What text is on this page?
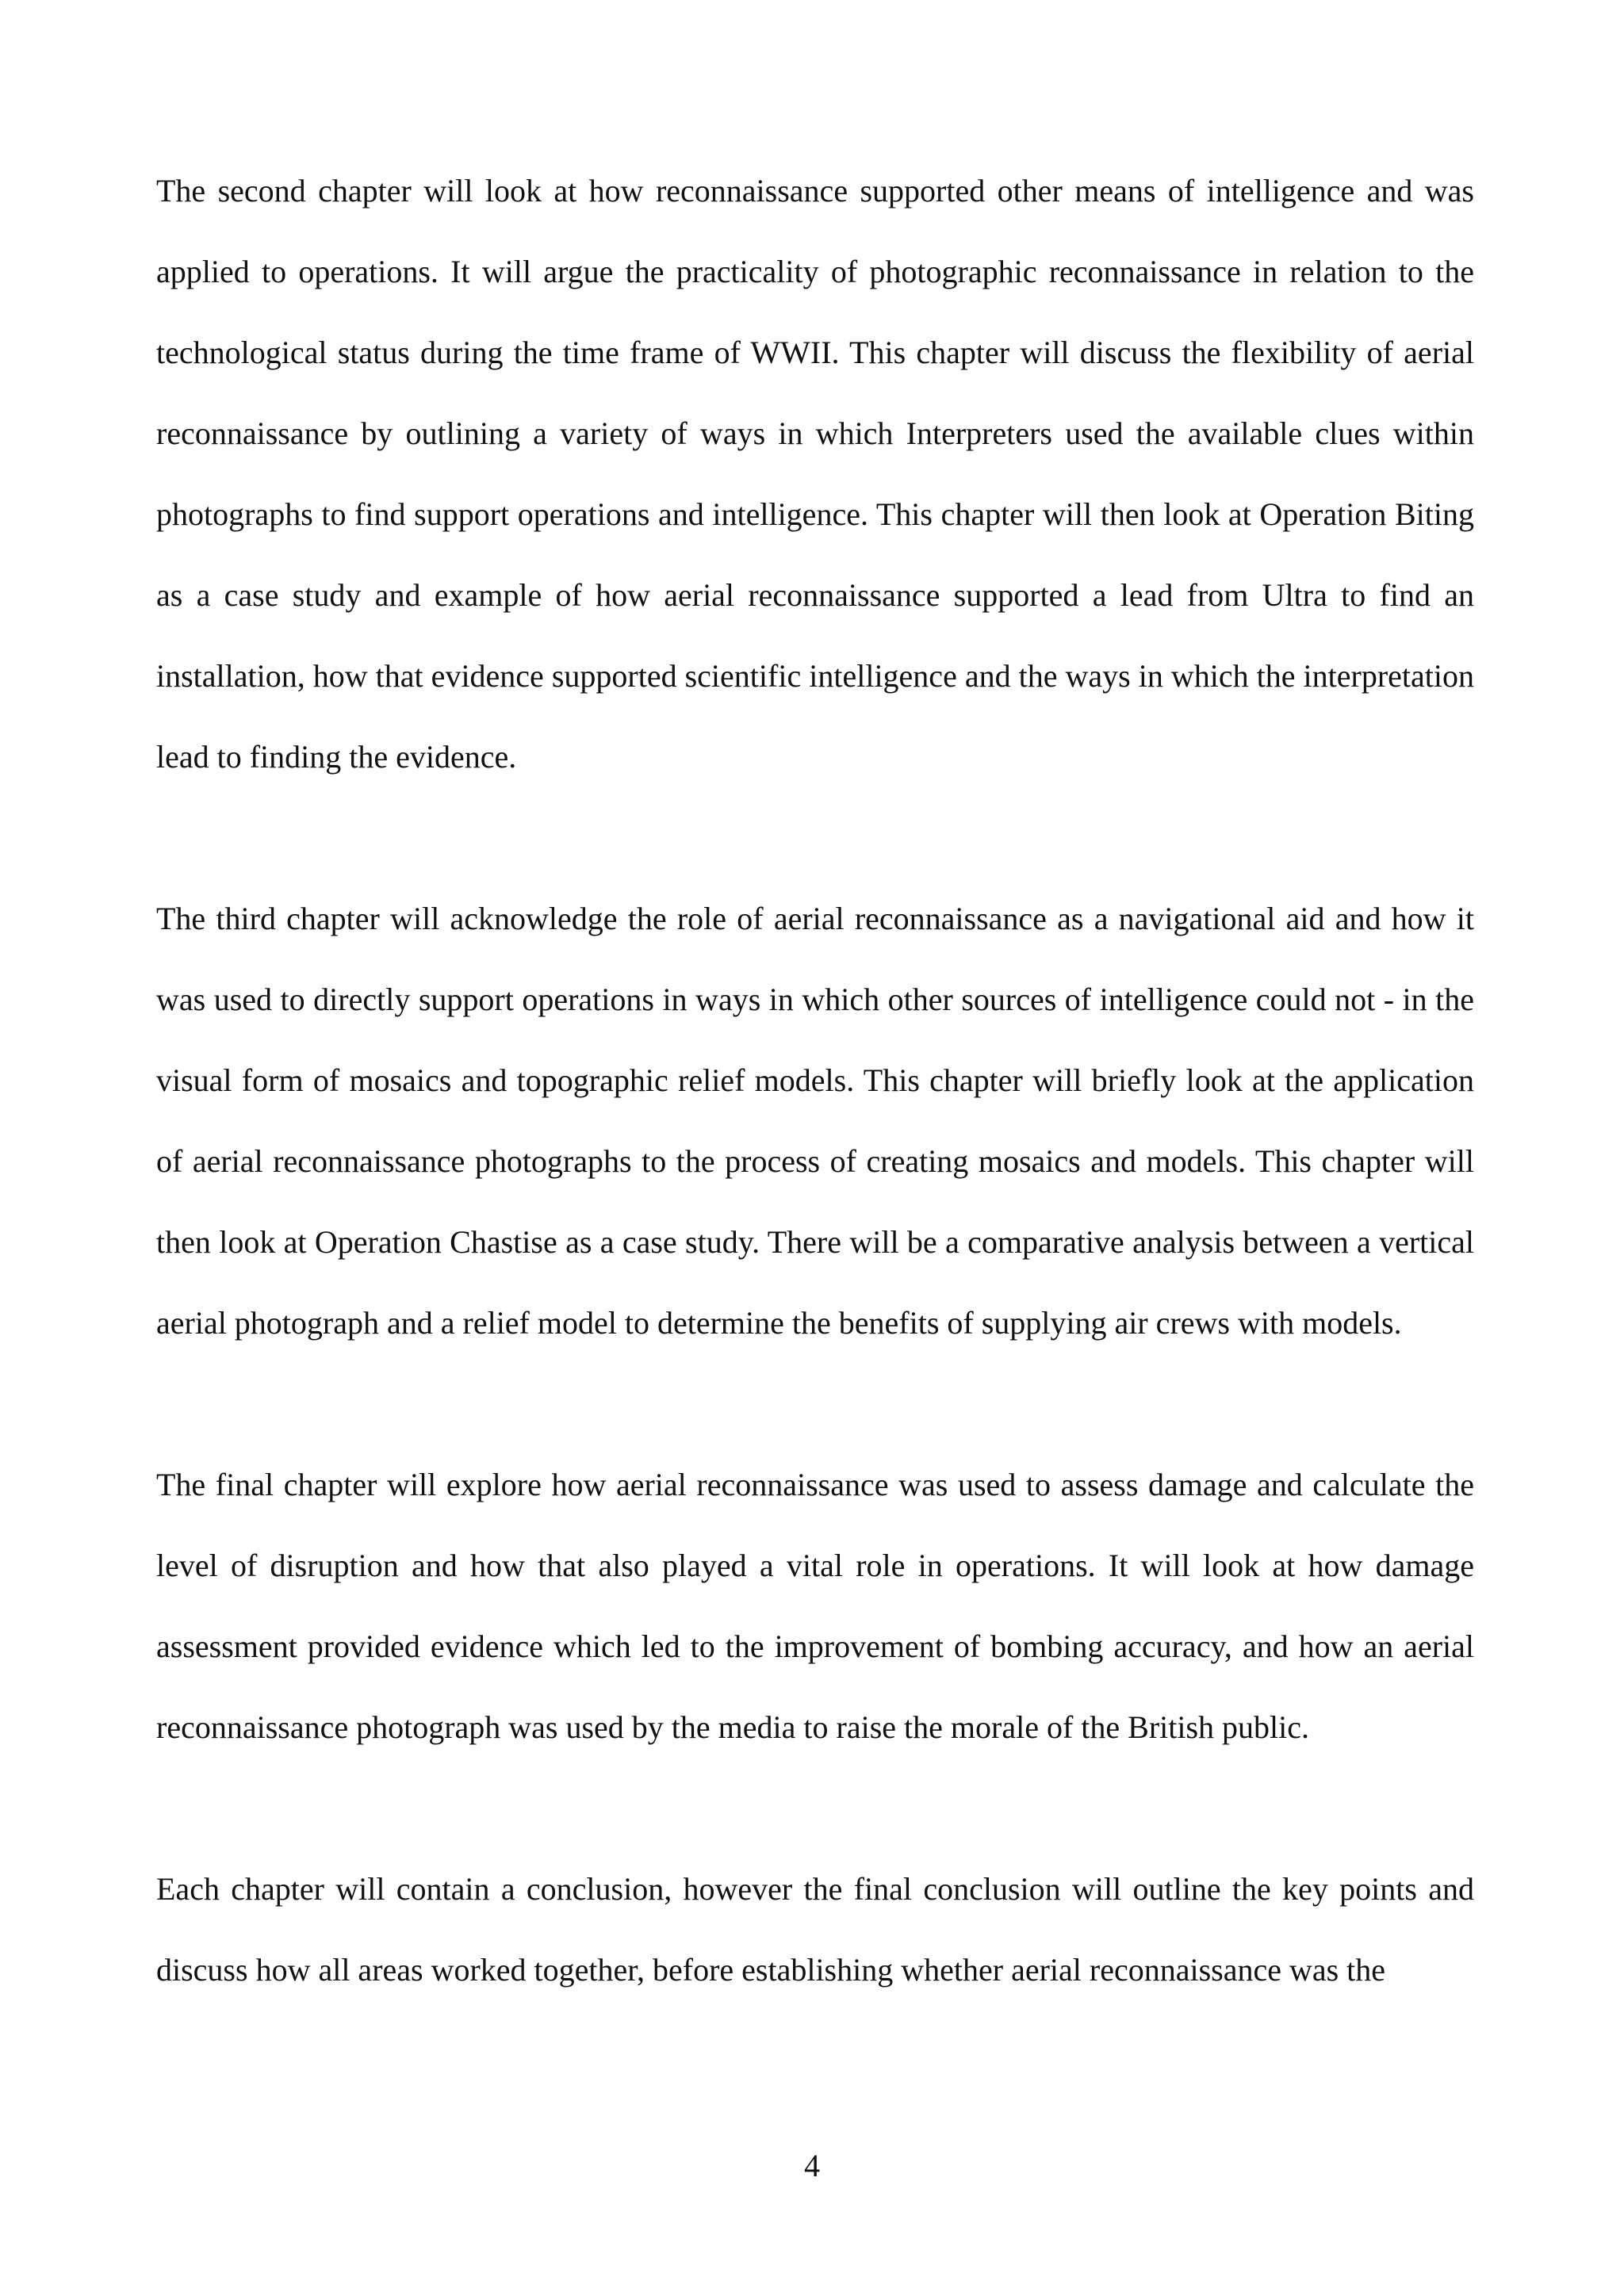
The second chapter will look at how reconnaissance supported other means of intelligence and was applied to operations. It will argue the practicality of photographic reconnaissance in relation to the technological status during the time frame of WWII. This chapter will discuss the flexibility of aerial reconnaissance by outlining a variety of ways in which Interpreters used the available clues within photographs to find support operations and intelligence. This chapter will then look at Operation Biting as a case study and example of how aerial reconnaissance supported a lead from Ultra to find an installation, how that evidence supported scientific intelligence and the ways in which the interpretation lead to finding the evidence.

The third chapter will acknowledge the role of aerial reconnaissance as a navigational aid and how it was used to directly support operations in ways in which other sources of intelligence could not - in the visual form of mosaics and topographic relief models. This chapter will briefly look at the application of aerial reconnaissance photographs to the process of creating mosaics and models. This chapter will then look at Operation Chastise as a case study. There will be a comparative analysis between a vertical aerial photograph and a relief model to determine the benefits of supplying air crews with models.

The final chapter will explore how aerial reconnaissance was used to assess damage and calculate the level of disruption and how that also played a vital role in operations. It will look at how damage assessment provided evidence which led to the improvement of bombing accuracy, and how an aerial reconnaissance photograph was used by the media to raise the morale of the British public.

Each chapter will contain a conclusion, however the final conclusion will outline the key points and discuss how all areas worked together, before establishing whether aerial reconnaissance was the

4
